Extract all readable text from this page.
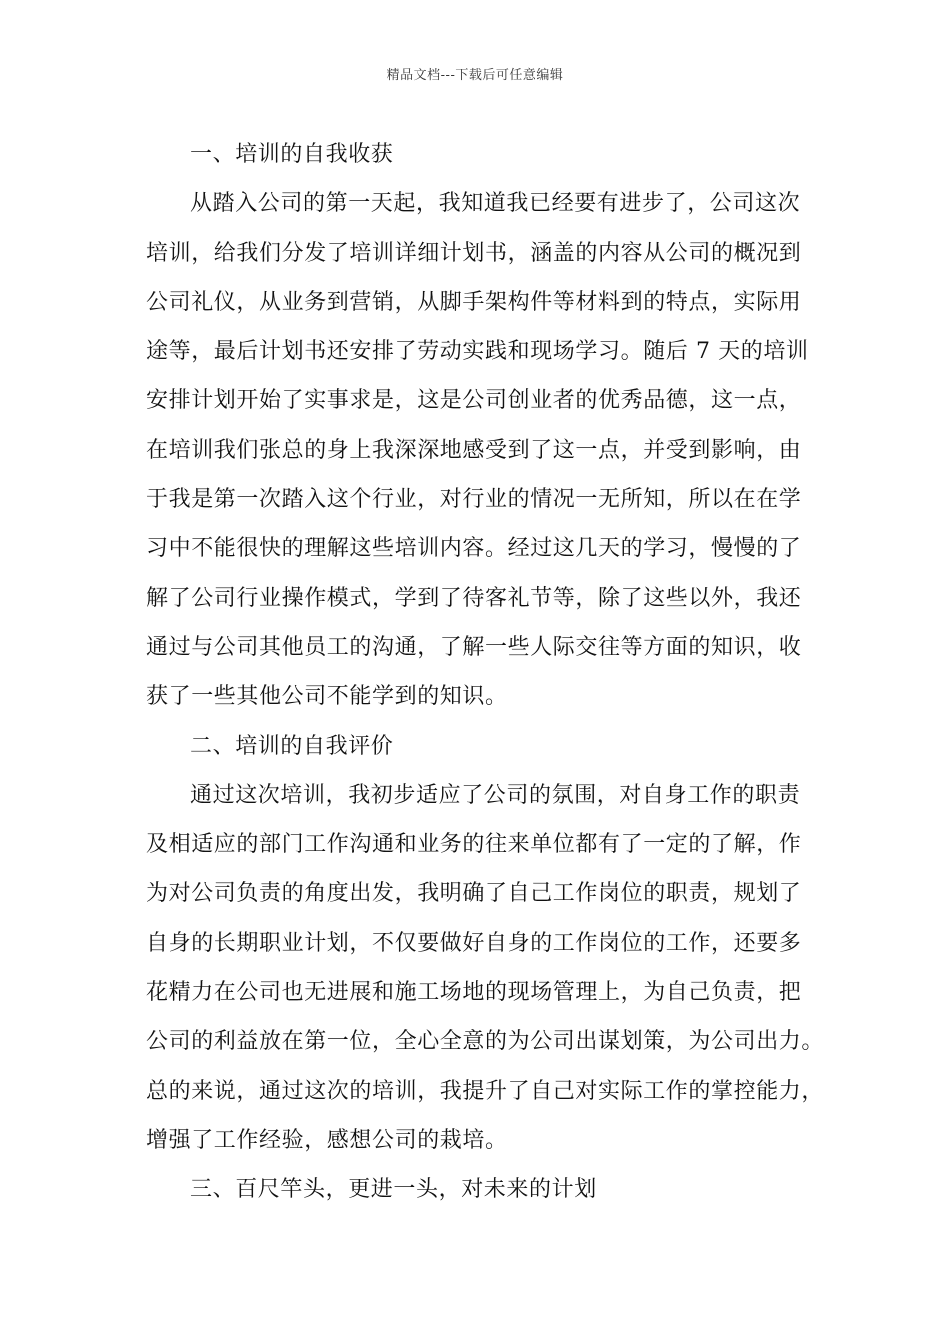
精品文档---下载后可任意编辑
一、培训的自我收获
从踏入公司的第一天起，我知道我已经要有进步了，公司这次
培训，给我们分发了培训详细计划书，涵盖的内容从公司的概况到
公司礼仪，从业务到营销，从脚手架构件等材料到的特点，实际用
途等，最后计划书还安排了劳动实践和现场学习。随后 7 天的培训
安排计划开始了实事求是，这是公司创业者的优秀品德，这一点，
在培训我们张总的身上我深深地感受到了这一点，并受到影响，由
于我是第一次踏入这个行业，对行业的情况一无所知，所以在在学
习中不能很快的理解这些培训内容。经过这几天的学习，慢慢的了
解了公司行业操作模式，学到了待客礼节等，除了这些以外，我还
通过与公司其他员工的沟通，了解一些人际交往等方面的知识，收
获了一些其他公司不能学到的知识。
二、培训的自我评价
通过这次培训，我初步适应了公司的氛围，对自身工作的职责
及相适应的部门工作沟通和业务的往来单位都有了一定的了解，作
为对公司负责的角度出发，我明确了自己工作岗位的职责，规划了
自身的长期职业计划，不仅要做好自身的工作岗位的工作，还要多
花精力在公司也无进展和施工场地的现场管理上，为自己负责，把
公司的利益放在第一位，全心全意的为公司出谋划策，为公司出力。
总的来说，通过这次的培训，我提升了自己对实际工作的掌控能力，
增强了工作经验，感想公司的栽培。
三、百尺竿头，更进一头，对未来的计划
